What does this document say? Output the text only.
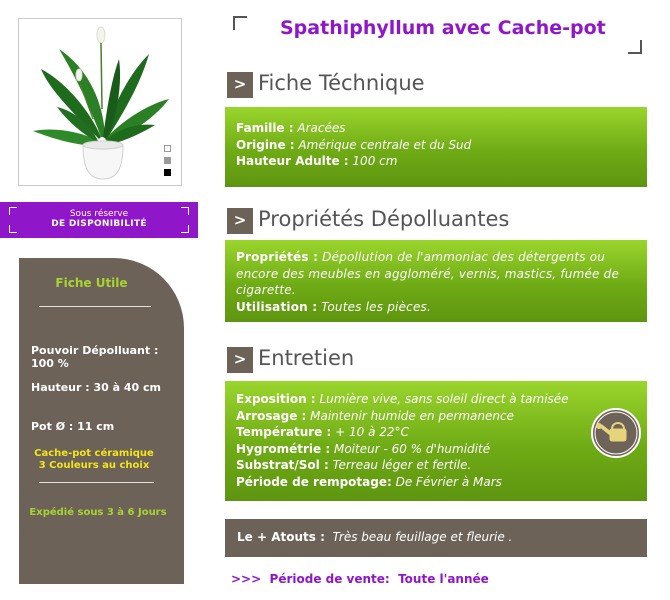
Sous réserve
DE DISPONIBILITÉ
Fiche Utile
Pouvoir Dépolluant : 100 %
Hauteur : 30 à 40 cm
Pot Ø : 11 cm
Cache-pot céramique
3 Couleurs au choix
Expédié sous 3 à 6 Jours
Spathiphyllum avec Cache-pot
> Fiche Téchnique
Famille : Aracées
Origine : Amérique centrale et du Sud
Hauteur Adulte : 100 cm
> Propriétés Dépolluantes
Propriétés : Dépollution de l'ammoniac des détergents ou
encore des meubles en aggloméré, vernis, mastics, fumée de
cigarette.
Utilisation : Toutes les pièces.
> Entretien
Exposition : Lumière vive, sans soleil direct à tamisée
Arrosage : Maintenir humide en permanence
Température : + 10 à 22°C
Hygrométrie : Moiteur - 60 % d'humidité
Substrat/Sol : Terreau léger et fertile.
Période de rempotage: De Février à Mars
Le + Atouts : Très beau feuillage et fleurie .
>>> Période de vente: Toute l'année
